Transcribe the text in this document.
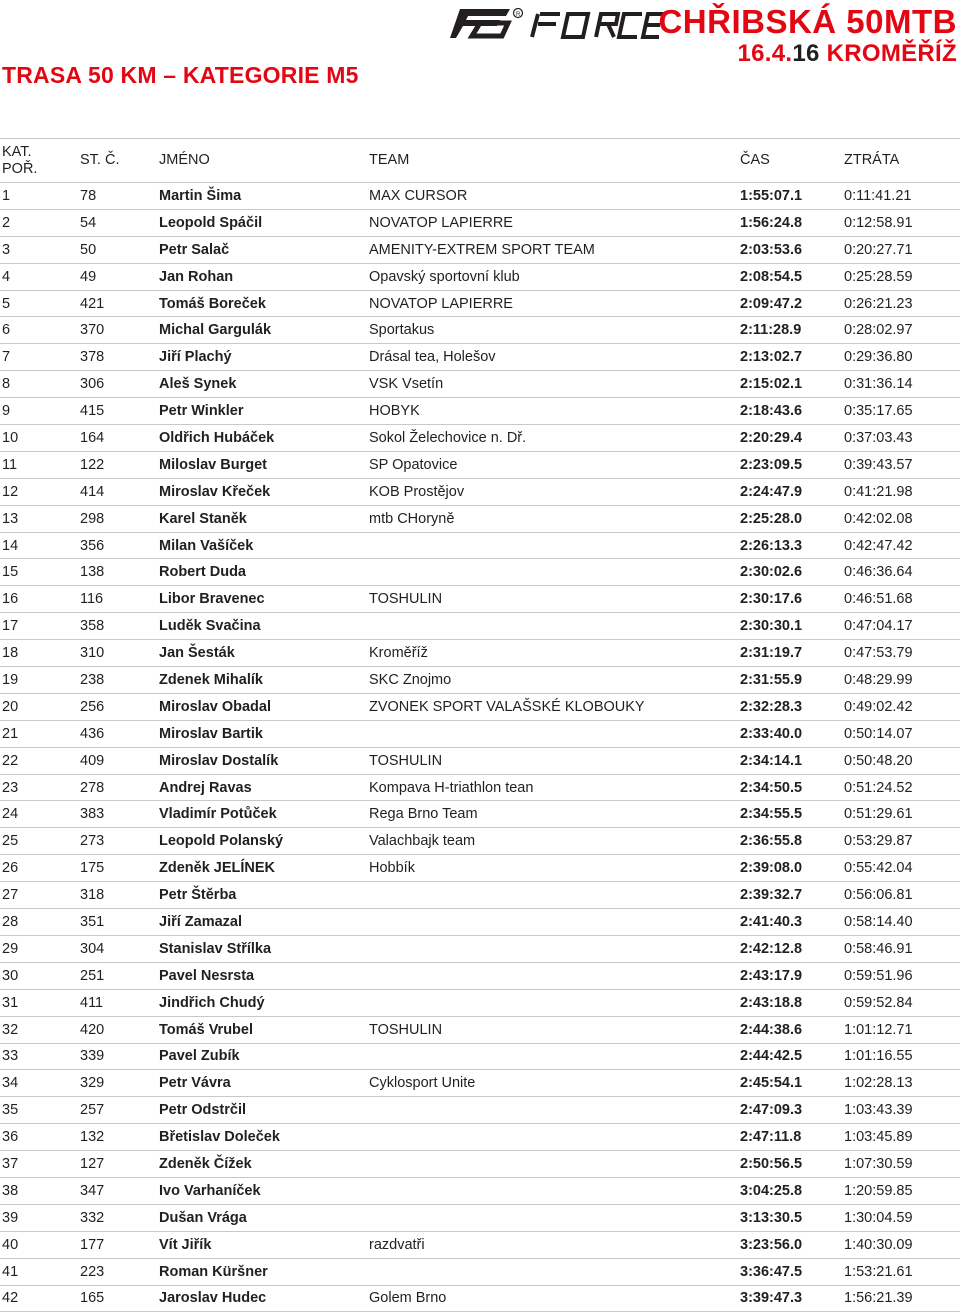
TRASA 50 KM – KATEGORIE M5
R	CHŘIBSKÁ 50MTB
16.4.16 KROMĚŘÍŽ
KAT.
POŘ.	ST. Č.	JMÉNO	TEAM	ČAS	ZTRÁTA
1	78	Martin Šima	MAX CURSOR	1:55:07.1	0:11:41.21
2	54	Leopold Spáčil	NOVATOP LAPIERRE	1:56:24.8	0:12:58.91
3	50	Petr Salač	AMENITY-EXTREM SPORT TEAM	2:03:53.6	0:20:27.71
4	49	Jan Rohan	Opavský sportovní klub	2:08:54.5	0:25:28.59
5	421	Tomáš Boreček	NOVATOP LAPIERRE	2:09:47.2	0:26:21.23
6	370	Michal Gargulák	Sportakus	2:11:28.9	0:28:02.97
7	378	Jiří Plachý	Drásal tea, Holešov	2:13:02.7	0:29:36.80
8	306	Aleš Synek	VSK Vsetín	2:15:02.1	0:31:36.14
9	415	Petr Winkler	HOBYK	2:18:43.6	0:35:17.65
10	164	Oldřich Hubáček	Sokol Želechovice n. Dř.	2:20:29.4	0:37:03.43
11	122	Miloslav Burget	SP Opatovice	2:23:09.5	0:39:43.57
12	414	Miroslav Křeček	KOB Prostějov	2:24:47.9	0:41:21.98
13	298	Karel Staněk	mtb CHoryně	2:25:28.0	0:42:02.08
14	356	Milan Vašíček		2:26:13.3	0:42:47.42
15	138	Robert Duda		2:30:02.6	0:46:36.64
16	116	Libor Bravenec	TOSHULIN	2:30:17.6	0:46:51.68
17	358	Luděk Svačina		2:30:30.1	0:47:04.17
18	310	Jan Šesták	Kroměříž	2:31:19.7	0:47:53.79
19	238	Zdenek Mihalík	SKC Znojmo	2:31:55.9	0:48:29.99
20	256	Miroslav Obadal	ZVONEK SPORT VALAŠSKÉ KLOBOUKY	2:32:28.3	0:49:02.42
21	436	Miroslav Bartik		2:33:40.0	0:50:14.07
22	409	Miroslav Dostalík	TOSHULIN	2:34:14.1	0:50:48.20
23	278	Andrej Ravas	Kompava H-triathlon tean	2:34:50.5	0:51:24.52
24	383	Vladimír Potůček	Rega Brno Team	2:34:55.5	0:51:29.61
25	273	Leopold Polanský	Valachbajk team	2:36:55.8	0:53:29.87
26	175	Zdeněk JELÍNEK	Hobbík	2:39:08.0	0:55:42.04
27	318	Petr Štěrba		2:39:32.7	0:56:06.81
28	351	Jiří Zamazal		2:41:40.3	0:58:14.40
29	304	Stanislav Střílka		2:42:12.8	0:58:46.91
30	251	Pavel Nesrsta		2:43:17.9	0:59:51.96
31	411	Jindřich Chudý		2:43:18.8	0:59:52.84
32	420	Tomáš Vrubel	TOSHULIN	2:44:38.6	1:01:12.71
33	339	Pavel Zubík		2:44:42.5	1:01:16.55
34	329	Petr Vávra	Cyklosport Unite	2:45:54.1	1:02:28.13
35	257	Petr Odstrčil		2:47:09.3	1:03:43.39
36	132	Břetislav Doleček		2:47:11.8	1:03:45.89
37	127	Zdeněk Čížek		2:50:56.5	1:07:30.59
38	347	Ivo Varhaníček		3:04:25.8	1:20:59.85
39	332	Dušan Vrága		3:13:30.5	1:30:04.59
40	177	Vít Jiřík	razdvatři	3:23:56.0	1:40:30.09
41	223	Roman Küršner		3:36:47.5	1:53:21.61
42	165	Jaroslav Hudec	Golem Brno	3:39:47.3	1:56:21.39
